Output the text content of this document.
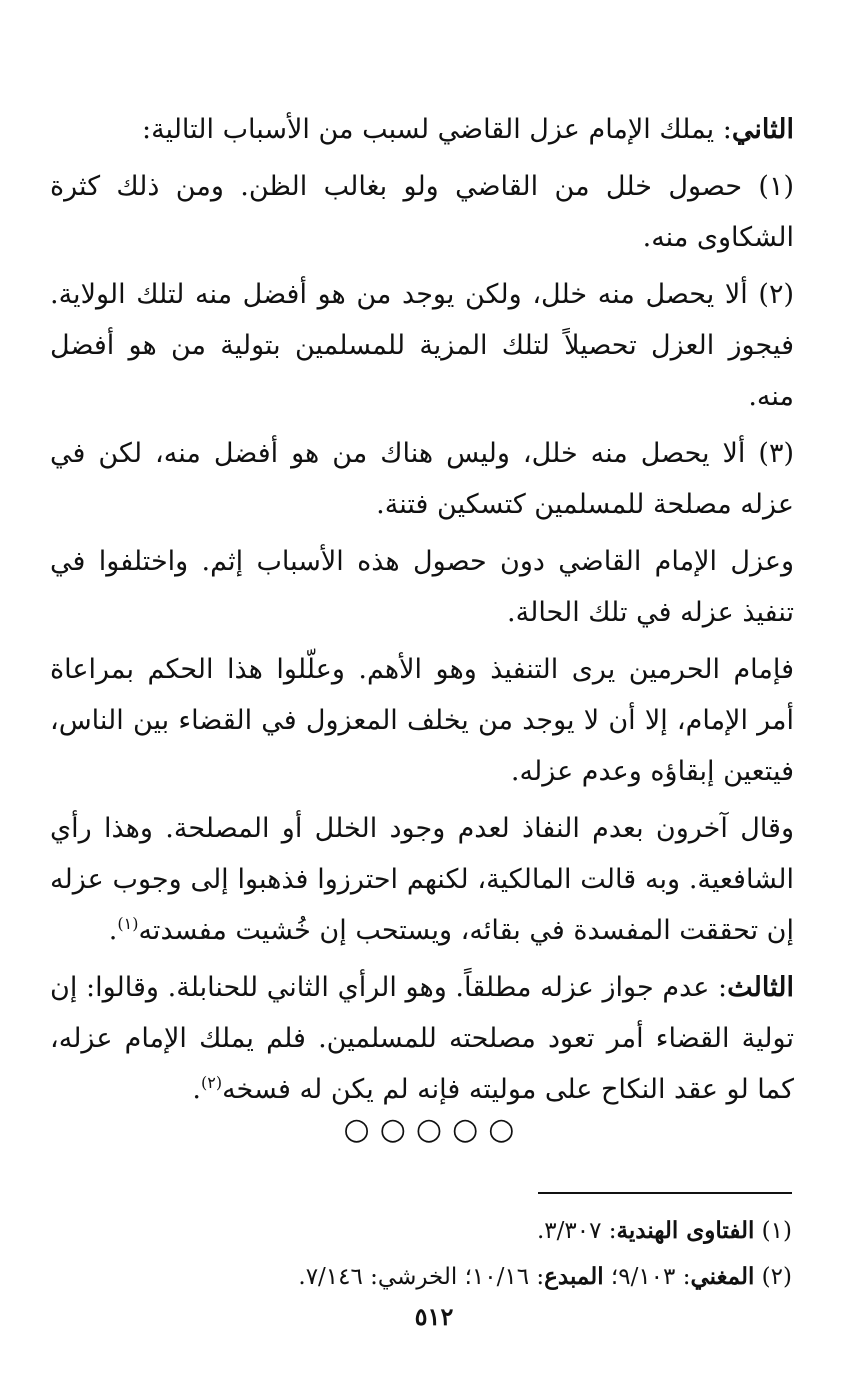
الثاني: يملك الإمام عزل القاضي لسبب من الأسباب التالية:

(١) حصول خلل من القاضي ولو بغالب الظن. ومن ذلك كثرة الشكاوى منه.

(٢) ألا يحصل منه خلل، ولكن يوجد من هو أفضل منه لتلك الولاية. فيجوز العزل تحصيلاً لتلك المزية للمسلمين بتولية من هو أفضل منه.

(٣) ألا يحصل منه خلل، وليس هناك من هو أفضل منه، لكن في عزله مصلحة للمسلمين كتسكين فتنة.

وعزل الإمام القاضي دون حصول هذه الأسباب إثم. واختلفوا في تنفيذ عزله في تلك الحالة.

فإمام الحرمين يرى التنفيذ وهو الأهم. وعلّلوا هذا الحكم بمراعاة أمر الإمام، إلا أن لا يوجد من يخلف المعزول في القضاء بين الناس، فيتعين إبقاؤه وعدم عزله.

وقال آخرون بعدم النفاذ لعدم وجود الخلل أو المصلحة. وهذا رأي الشافعية. وبه قالت المالكية، لكنهم احترزوا فذهبوا إلى وجوب عزله إن تحققت المفسدة في بقائه، ويستحب إن خُشيت مفسدته$^{(١)}$.

الثالث: عدم جواز عزله مطلقاً. وهو الرأي الثاني للحنابلة. وقالوا: إن تولية القضاء أمر تعود مصلحته للمسلمين. فلم يملك الإمام عزله، كما لو عقد النكاح على موليته فإنه لم يكن له فسخه$^{(٢)}$.

○○○○○
(١) الفتاوى الهندية: ٣/٣٠٧.
(٢) المغني: ٩/١٠٣؛ المبدع: ١٠/١٦؛ الخرشي: ٧/١٤٦.
٥١٢
